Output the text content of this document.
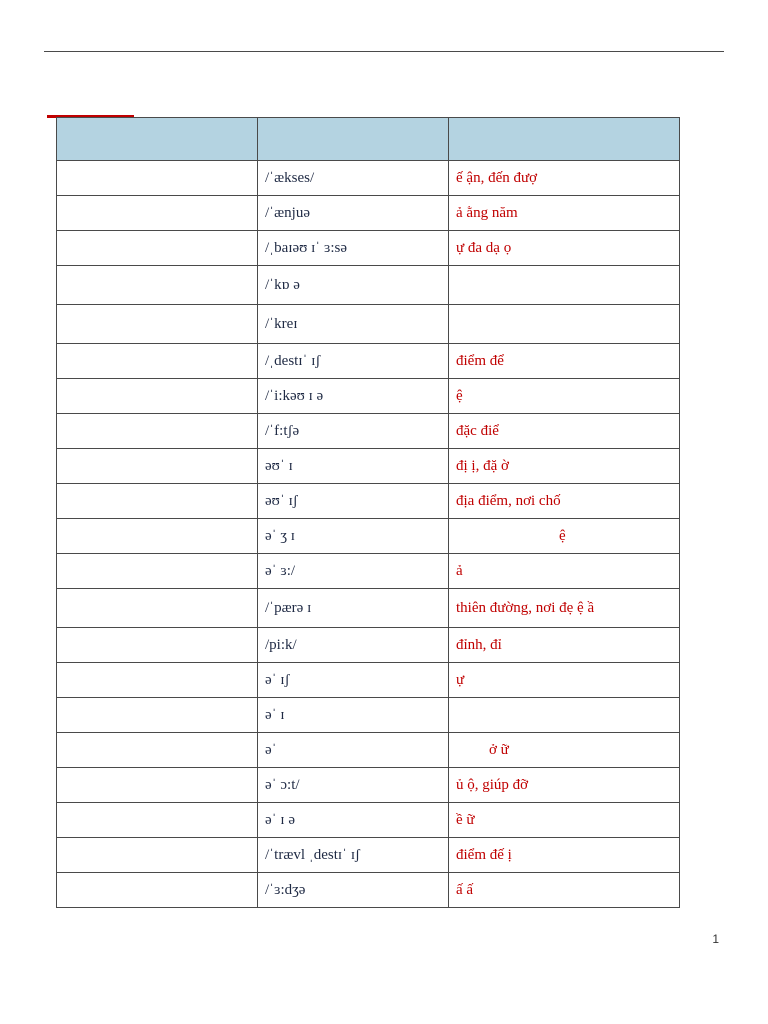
	/ˈækses/	ế ận, đến đượ
	/ˈænjuə	ả ằng năm
	/ˌbaɪəʊ ɪˈ ɜ:sə	ự đa dạ ọ
	/ˈkɒ ə	
	/ˈkreɪ	
	/ˌdestɪˈ ɪʃ	điểm để
	/ˈi:kəʊ ɪ ə	ệ
	/ˈf:tʃə	đặc điể
	əʊˈ ɪ	đị ị, đặ ờ
	əʊˈ ɪʃ	địa điểm, nơi chố
	əˈ ʒ ɪ	ệ
	əˈ ɜ:/	ả
	/ˈpærə ɪ	thiên đường, nơi đẹ ệ ầ
	/pi:k/	đỉnh, đỉ
	əˈ ɪʃ	ự
	əˈ ɪ	
	əˈ	ở ữ
	əˈ ɔ:t/	ủ ộ, giúp đỡ
	əˈ ɪ ə	ề ữ
	/ˈtrævl ˌdestɪˈ ɪʃ	điểm đế ị
	/ˈɜ:dʒə	ấ ấ
1
